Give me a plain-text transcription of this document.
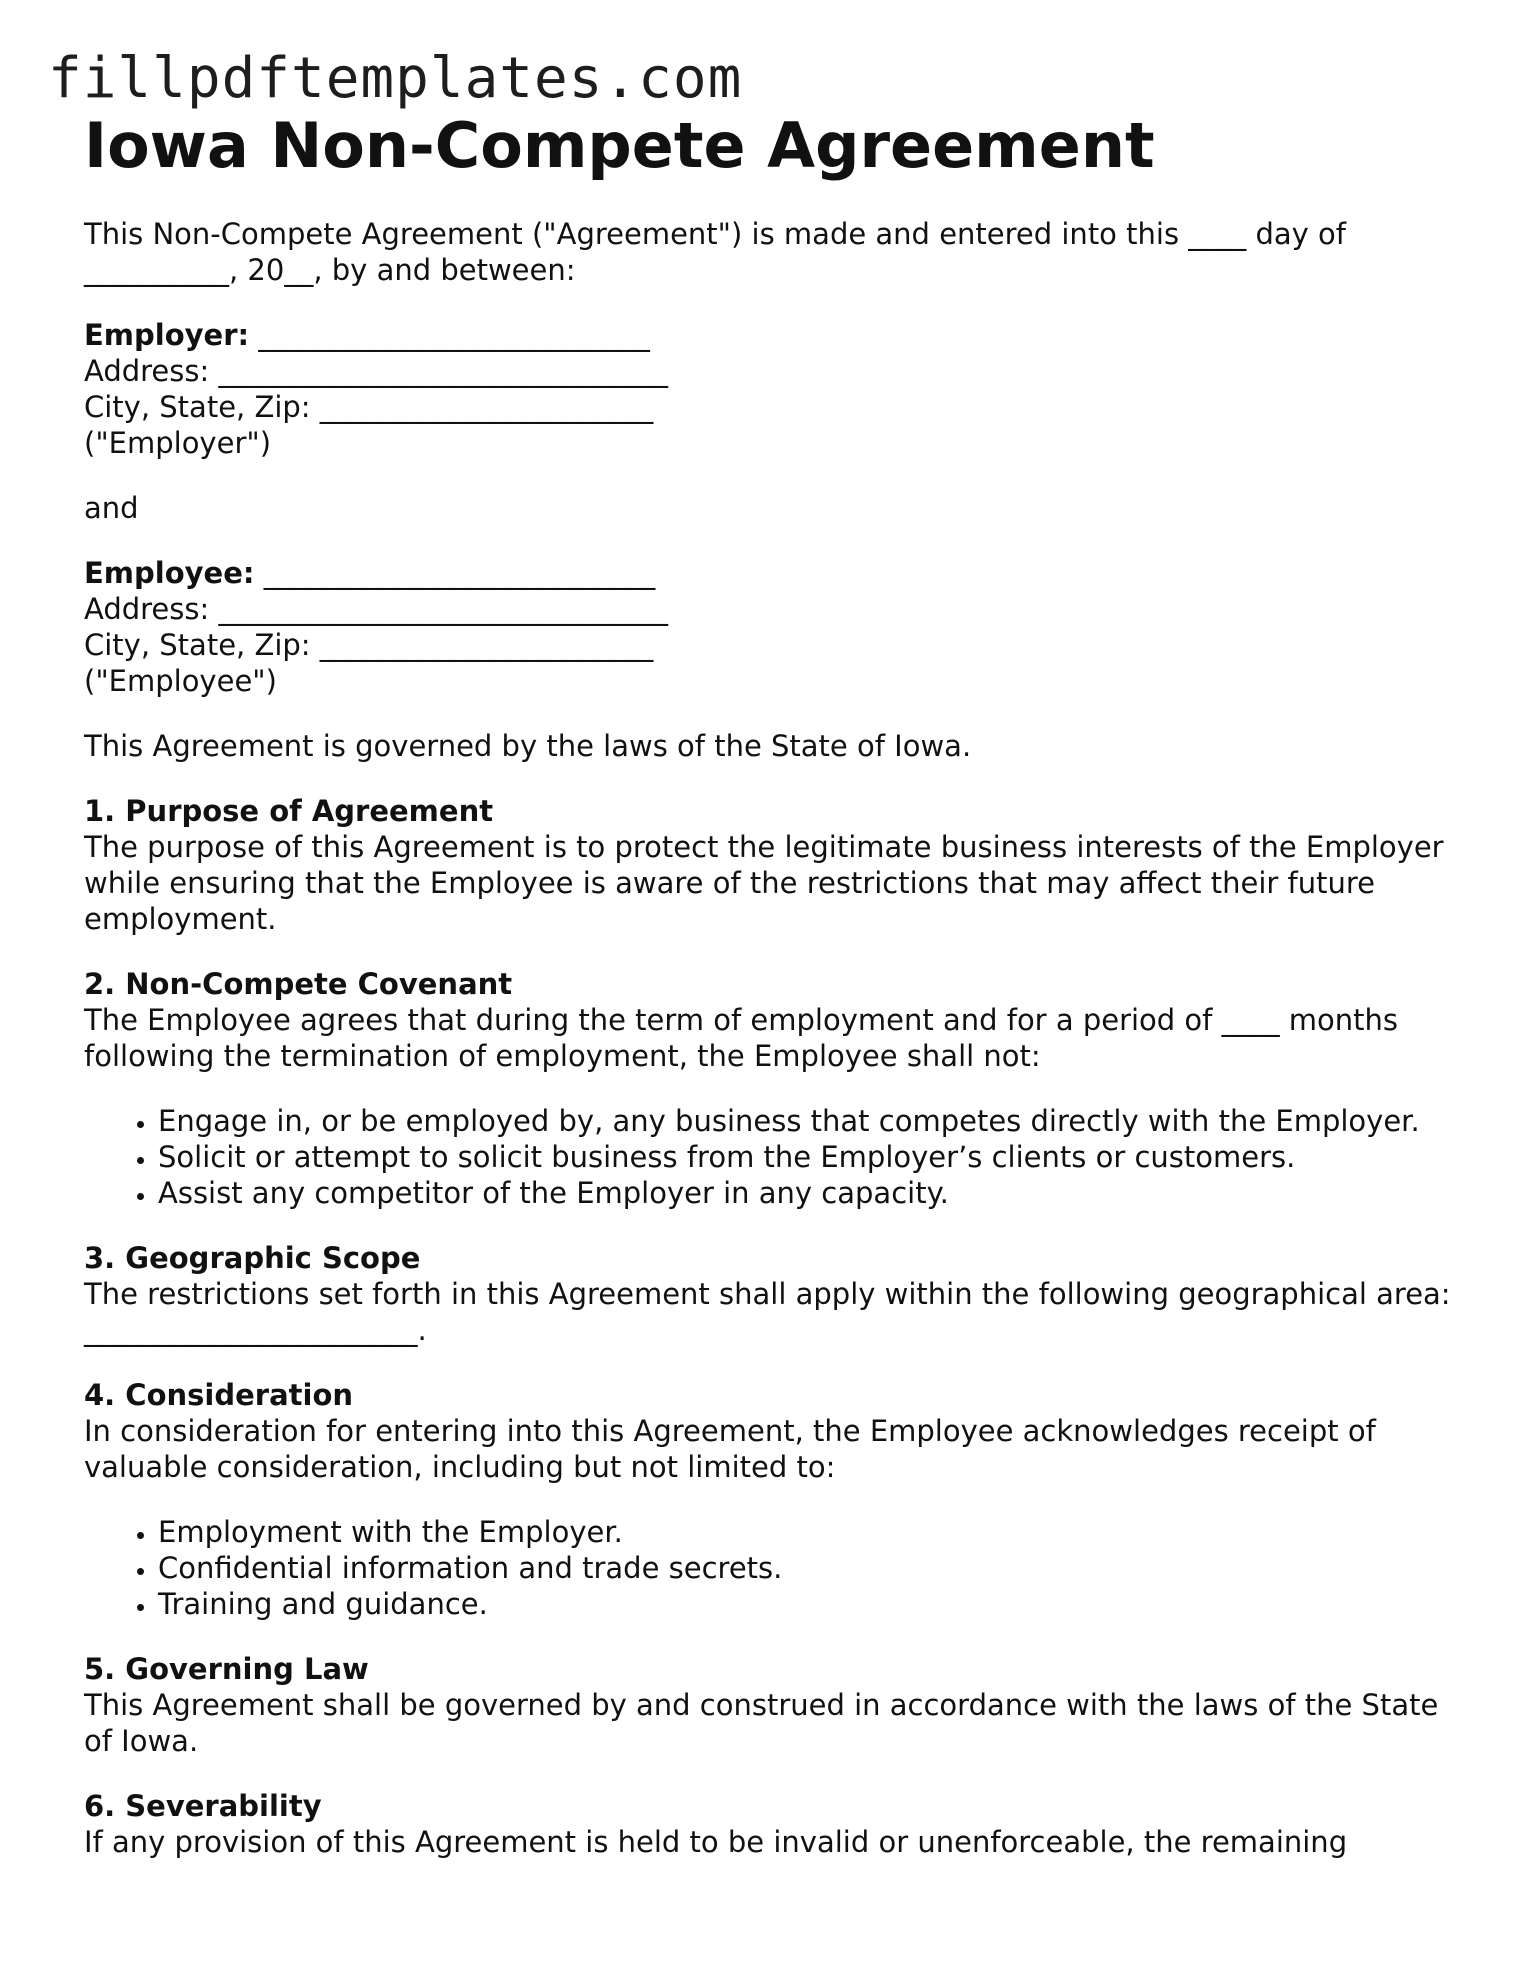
fillpdftemplates.com
Iowa Non-Compete Agreement
This Non-Compete Agreement ("Agreement") is made and entered into this ____ day of
__________, 20__, by and between:
Employer: ___________________________
Address: _______________________________
City, State, Zip: _______________________
("Employer")
and
Employee: ___________________________
Address: _______________________________
City, State, Zip: _______________________
("Employee")

This Agreement is governed by the laws of the State of Iowa.

1. Purpose of Agreement

The purpose of this Agreement is to protect the legitimate business interests of the Employer while ensuring that the Employee is aware of the restrictions that may affect their future employment.

2. Non-Compete Covenant

The Employee agrees that during the term of employment and for a period of ____ months following the termination of employment, the Employee shall not:

• Engage in, or be employed by, any business that competes directly with the Employer.
• Solicit or attempt to solicit business from the Employer’s clients or customers.
• Assist any competitor of the Employer in any capacity.
3. Geographic Scope

The restrictions set forth in this Agreement shall apply within the following geographical area: _______________________.

4. Consideration

In consideration for entering into this Agreement, the Employee acknowledges receipt of valuable consideration, including but not limited to:

• Employment with the Employer.
• Confidential information and trade secrets.
• Training and guidance.
5. Governing Law

This Agreement shall be governed by and construed in accordance with the laws of the State of Iowa.

6. Severability

If any provision of this Agreement is held to be invalid or unenforceable, the remaining
